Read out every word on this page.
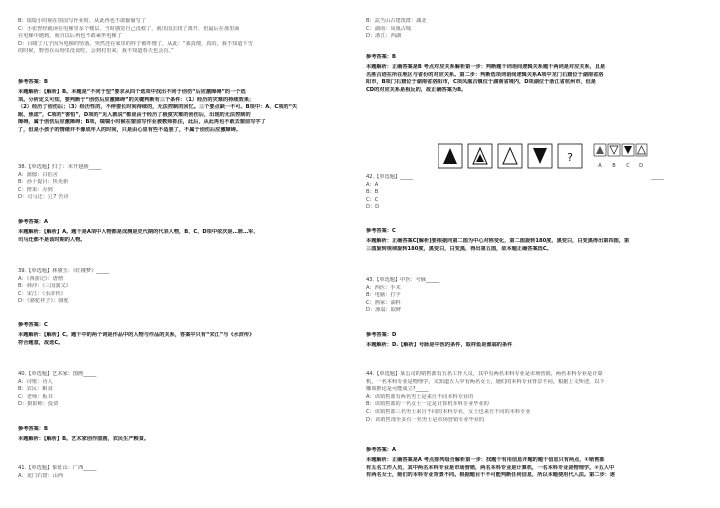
B：镜镜小时候在窗前写作业时，从此再也不敢偷偷写了
C：小张曾经就读在电梯里多个楼层，当时感觉自己没救了，就出国去找了离开，但最后在那里面
在电梯中遇到，而且以后再也不敢乘坐电梯了
D：目睹了几子因为电梯的坠落，突然还在家里的样子被吓傻了，从此：“我真傻，真的，我不知道下雪
的时候，野兽在山坳里没食吃，会到村里来，我不知道春天也会有。”
参考答案：B
本题解析：【解析】B。本题是“不同于型”要求从四个选项中找出不同于创伤“后应激障碍”的一个选
项。分析定义可知，要判断于“创伤后应激障碍”的关键判断有三个条件：（1）经历的灾难的持续效果；
（2）经历了创伤后；（3）经历性的，不停要长时间持续的，无法控制的回忆。三个要点缺一不可。B项中：A、C项的“失
眠、焦虑”，C项的“害怕”，D项的“见人就说”都是由于经历了极度灾难的创伤后，出现的无法控制的
障碍，属于创伤后应激障碍；B项，镜镜小时候在窗前写作业被教师抓住，此后，从此再也不敢去窗前写字了
了，但是小孩子的情绪并不像成年人的时间，只是由心里有些不适罢了，不属于创伤后应激障碍。
38.【单选题】归丁：末开翅膀_____
A：蒲伽：白伯舍
B：孙十提目：快更新
C：橙果：办到
D：司马迁：辽7 苦诗
参考答案：A
本题解析：【解析】A。题干是A项中人物都是成测是史代期的代表人物，B、C、D项中依次是…箭…军、
司马迁都不是该时期的人物。
39.【单选题】林黛玉：《红楼梦》_____
A：《西游记》：唐僧
B：林冲：《三国演义》
C：宋江：《水浒传》
D：《骆驼祥子》：骆驼
参考答案：C
本题解析：【解析】C。题干中的两个词是作品中的人物与作品的关系，答案中只有“宋江”与《水浒传》
符合题意，故选C。
40.【单选题】艺术家：图画_____
A：诗歌：诗人
B：农民：粮食
C：老师：板书
D：摄影师：投资
参考答案：B
本题解析：【解析】B。艺术家创作图画，农民生产粮食。
41.【单选题】象征山：广西_____
A：龙门石窟：山西
B：武当山古建筑群：湖北
C：湖南：凤凰古城
D：浙江：西湖
参考答案：B
本题解析：正确答案是B 考点对应关系解析第一步：判断题干词语间逻辑关系题干两词是对应关系，且是
名胜古迹在所在地区与省份的对应关系。第二步：判断选项词语间逻辑关系A项中龙门石窟位于湖南省洛
阳市，B项门石窟位于湖南省洛阳市，C项凤凰古镇位于湖南省境内，D项湖位于浙江省杭州市，但是
CD的对应关系是相反的，故正确答案为B。
?
A B C D
42.【单选题】_____
A：A
B：B
C：C
D：D
_____
参考答案：C
本题解析：正确答案C[解析]要根据同第二图为中心对称变化，第二图旋转180度，黑变白，白变黑得出第四图，第
三图旋转规律旋转180度，黑变白，白变黑，得出第五图，故本题正确答案选C。
43.【单选题】中医：号脉_____
A：西医：手术
B：电脑：打字
C：画家：油料
D：渔翁：取鲜
参考答案：D
本题解析：D.【解析】号脉是中医的条件，取样鱼是渔翁的条件
44.【单选题】某公司的销售部有五名工作人员，其中有两名本科专业是市场营销，两名本科专业是计算
机，一名本科专业是物理学。又知道五人中有两名女士，她们的本科专业背景不同。根据上文所述，以下
哪项推论是可能成立?_____
A：该销售部有两名男士是来自不同本科专业的
B：该销售部的一名女士一定是计算机本科专业毕业的
C：该销售部三名男士来自不同的本科专业，女士也来自不同的本科专业
D：该销售部至多有一名男士是市场营销专业毕业的
参考答案：A
本题解析：正确答案是A 考点排列组合解析第一步：找题干有用信息并题的题干信息只有两点，①销售部
有五名工作人员，其中两名本科专业是市场营销，两名本科专业是计算机，一名本科专业是物理学。②五人中
有两名女士，她们的本科专业背景不同。根据题目干不可能判断任何信息，所以本题使用代入法。第二步：逐
